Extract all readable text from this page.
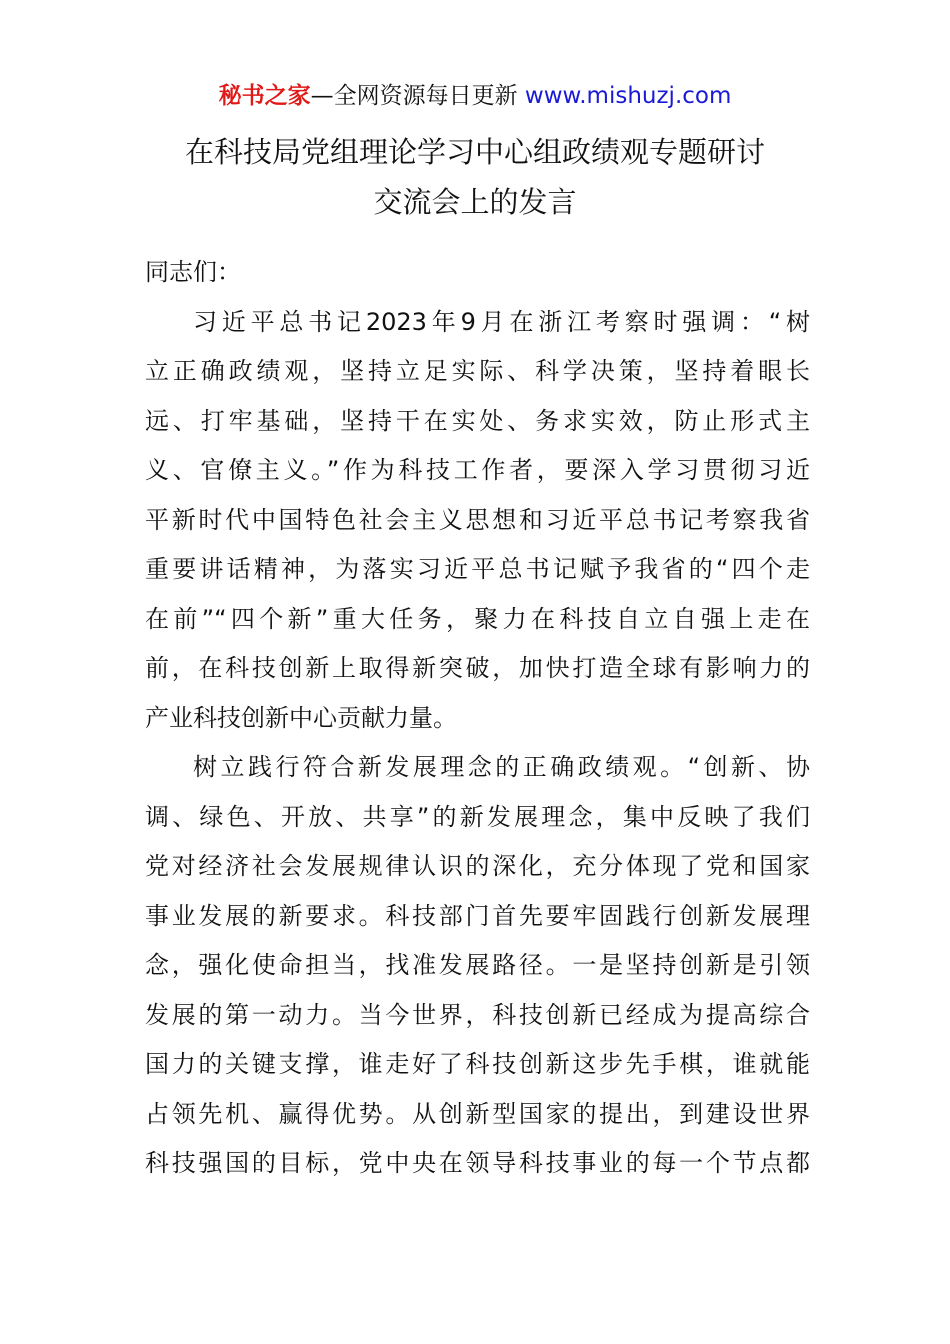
秘书之家—全网资源每日更新 www.mishuzj.com
在科技局党组理论学习中心组政绩观专题研讨
交流会上的发言
同志们：
习近平总书记2023年9月在浙江考察时强调：“树
立正确政绩观，坚持立足实际、科学决策，坚持着眼长
远、打牢基础，坚持干在实处、务求实效，防止形式主
义、官僚主义。”作为科技工作者，要深入学习贯彻习近
平新时代中国特色社会主义思想和习近平总书记考察我省
重要讲话精神，为落实习近平总书记赋予我省的“四个走
在前”“四个新”重大任务，聚力在科技自立自强上走在
前，在科技创新上取得新突破，加快打造全球有影响力的
产业科技创新中心贡献力量。
树立践行符合新发展理念的正确政绩观。“创新、协
调、绿色、开放、共享”的新发展理念，集中反映了我们
党对经济社会发展规律认识的深化，充分体现了党和国家
事业发展的新要求。科技部门首先要牢固践行创新发展理
念，强化使命担当，找准发展路径。一是坚持创新是引领
发展的第一动力。当今世界，科技创新已经成为提高综合
国力的关键支撑，谁走好了科技创新这步先手棋，谁就能
占领先机、赢得优势。从创新型国家的提出，到建设世界
科技强国的目标，党中央在领导科技事业的每一个节点都
